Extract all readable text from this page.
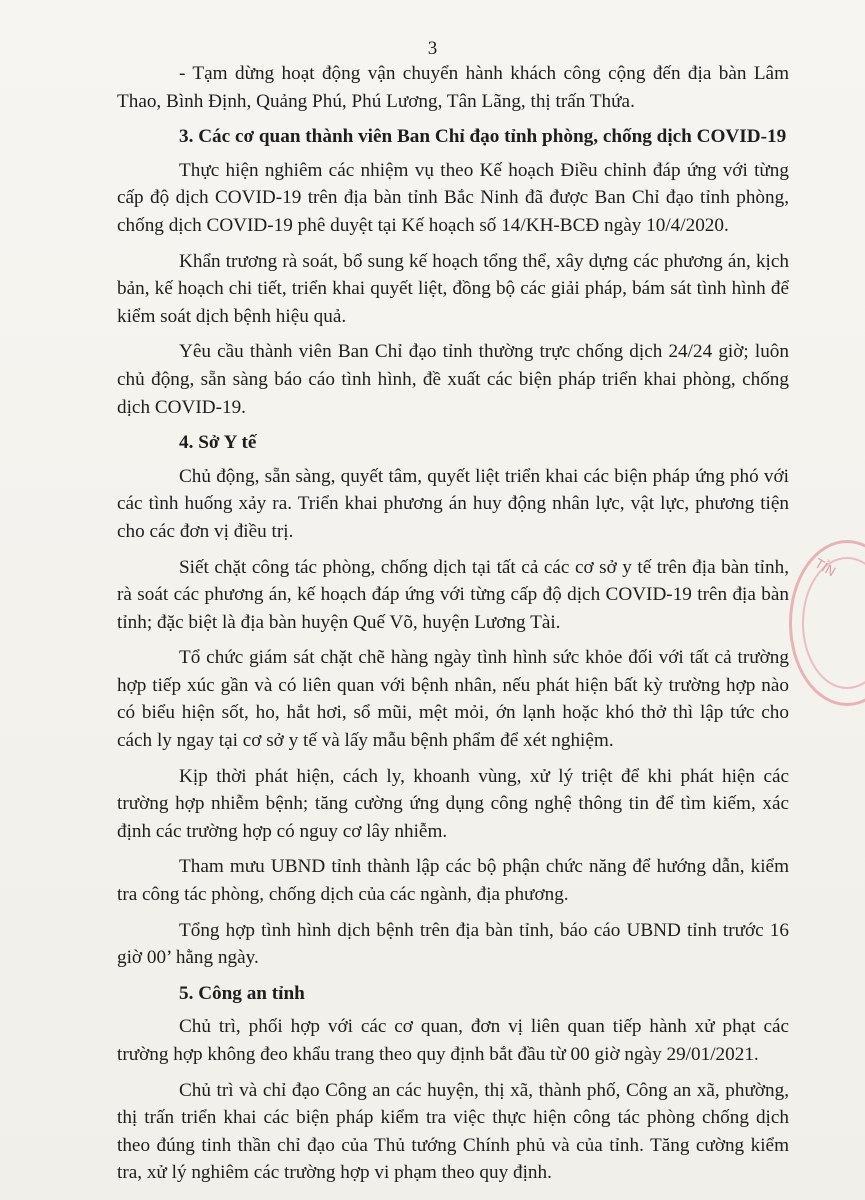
3

- Tạm dừng hoạt động vận chuyển hành khách công cộng đến địa bàn Lâm Thao, Bình Định, Quảng Phú, Phú Lương, Tân Lãng, thị trấn Thứa.

3. Các cơ quan thành viên Ban Chỉ đạo tỉnh phòng, chống dịch COVID-19

Thực hiện nghiêm các nhiệm vụ theo Kế hoạch Điều chỉnh đáp ứng với từng cấp độ dịch COVID-19 trên địa bàn tỉnh Bắc Ninh đã được Ban Chỉ đạo tỉnh phòng, chống dịch COVID-19 phê duyệt tại Kế hoạch số 14/KH-BCĐ ngày 10/4/2020.

Khẩn trương rà soát, bổ sung kế hoạch tổng thể, xây dựng các phương án, kịch bản, kế hoạch chi tiết, triển khai quyết liệt, đồng bộ các giải pháp, bám sát tình hình để kiểm soát dịch bệnh hiệu quả.

Yêu cầu thành viên Ban Chỉ đạo tỉnh thường trực chống dịch 24/24 giờ; luôn chủ động, sẵn sàng báo cáo tình hình, đề xuất các biện pháp triển khai phòng, chống dịch COVID-19.

4. Sở Y tế

Chủ động, sẵn sàng, quyết tâm, quyết liệt triển khai các biện pháp ứng phó với các tình huống xảy ra. Triển khai phương án huy động nhân lực, vật lực, phương tiện cho các đơn vị điều trị.

Siết chặt công tác phòng, chống dịch tại tất cả các cơ sở y tế trên địa bàn tỉnh, rà soát các phương án, kế hoạch đáp ứng với từng cấp độ dịch COVID-19 trên địa bàn tỉnh; đặc biệt là địa bàn huyện Quế Võ, huyện Lương Tài.

Tổ chức giám sát chặt chẽ hàng ngày tình hình sức khỏe đối với tất cả trường hợp tiếp xúc gần và có liên quan với bệnh nhân, nếu phát hiện bất kỳ trường hợp nào có biểu hiện sốt, ho, hắt hơi, sổ mũi, mệt mỏi, ớn lạnh hoặc khó thở thì lập tức cho cách ly ngay tại cơ sở y tế và lấy mẫu bệnh phẩm để xét nghiệm.

Kịp thời phát hiện, cách ly, khoanh vùng, xử lý triệt để khi phát hiện các trường hợp nhiễm bệnh; tăng cường ứng dụng công nghệ thông tin để tìm kiếm, xác định các trường hợp có nguy cơ lây nhiễm.

Tham mưu UBND tỉnh thành lập các bộ phận chức năng để hướng dẫn, kiểm tra công tác phòng, chống dịch của các ngành, địa phương.

Tổng hợp tình hình dịch bệnh trên địa bàn tỉnh, báo cáo UBND tỉnh trước 16 giờ 00’ hằng ngày.

5. Công an tỉnh

Chủ trì, phối hợp với các cơ quan, đơn vị liên quan tiếp hành xử phạt các trường hợp không đeo khẩu trang theo quy định bắt đầu từ 00 giờ ngày 29/01/2021.

Chủ trì và chỉ đạo Công an các huyện, thị xã, thành phố, Công an xã, phường, thị trấn triển khai các biện pháp kiểm tra việc thực hiện công tác phòng chống dịch theo đúng tinh thần chỉ đạo của Thủ tướng Chính phủ và của tỉnh. Tăng cường kiểm tra, xử lý nghiêm các trường hợp vi phạm theo quy định.

TỈN
